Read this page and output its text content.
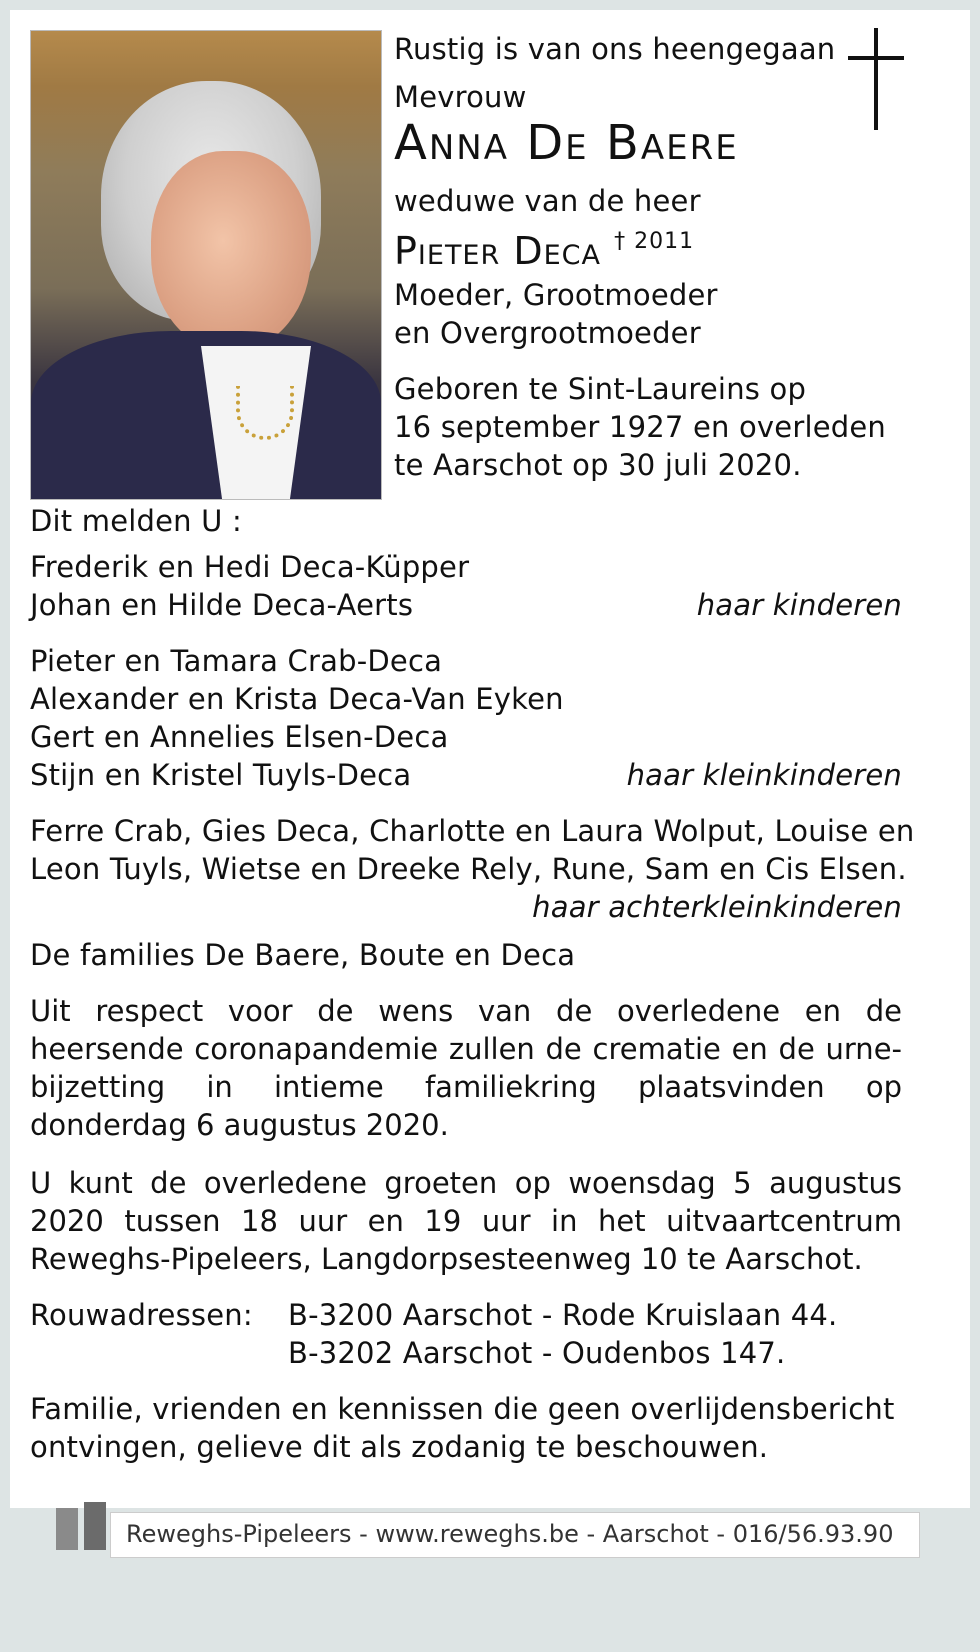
Rustig is van ons heengegaan
Mevrouw
Anna De Baere
weduwe van de heer
Pieter Deca $^{\dagger 2011}$
Moeder, Grootmoeder
en Overgrootmoeder
Geboren te Sint-Laureins op
16 september 1927 en overleden
te Aarschot op 30 juli 2020.
Dit melden U :
Frederik en Hedi Deca-Küpper
Johan en Hilde Deca-Aerts	haar kinderen
Pieter en Tamara Crab-Deca
Alexander en Krista Deca-Van Eyken
Gert en Annelies Elsen-Deca
Stijn en Kristel Tuyls-Deca	haar kleinkinderen
Ferre Crab, Gies Deca, Charlotte en Laura Wolput, Louise en
Leon Tuyls, Wietse en Dreeke Rely, Rune, Sam en Cis Elsen.
haar achterkleinkinderen
De families De Baere, Boute en Deca
Uit respect voor de wens van de overledene en de heersende coronapandemie zullen de crematie en de urne-bijzetting in intieme familiekring plaatsvinden op donderdag 6 augustus 2020.
U kunt de overledene groeten op woensdag 5 augustus 2020 tussen 18 uur en 19 uur in het uitvaartcentrum Reweghs-Pipeleers, Langdorpsesteenweg 10 te Aarschot.
Rouwadressen: B-3200 Aarschot - Rode Kruislaan 44.
B-3202 Aarschot - Oudenbos 147.
Familie, vrienden en kennissen die geen overlijdensbericht
ontvingen, gelieve dit als zodanig te beschouwen.
Reweghs-Pipeleers - www.reweghs.be - Aarschot - 016/56.93.90
